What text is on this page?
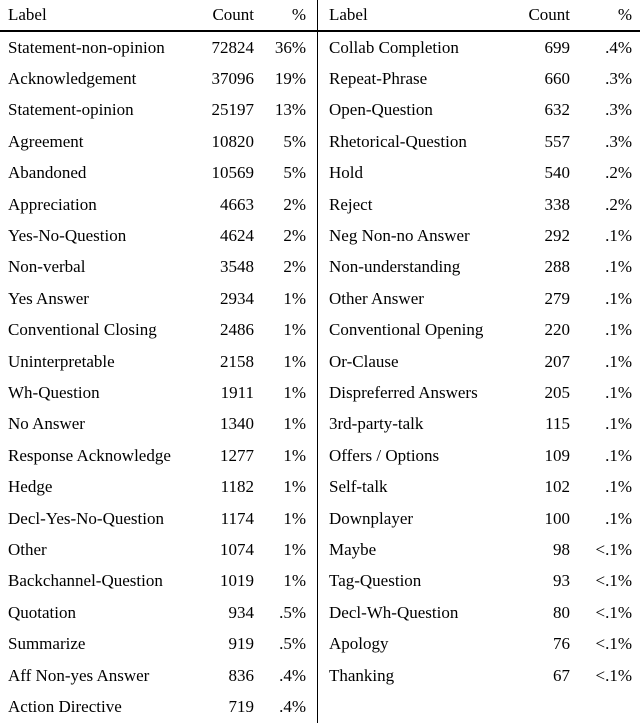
Label	Count	%
Statement-non-opinion	72824	36%
Acknowledgement	37096	19%
Statement-opinion	25197	13%
Agreement	10820	5%
Abandoned	10569	5%
Appreciation	4663	2%
Yes-No-Question	4624	2%
Non-verbal	3548	2%
Yes Answer	2934	1%
Conventional Closing	2486	1%
Uninterpretable	2158	1%
Wh-Question	1911	1%
No Answer	1340	1%
Response Acknowledge	1277	1%
Hedge	1182	1%
Decl-Yes-No-Question	1174	1%
Other	1074	1%
Backchannel-Question	1019	1%
Quotation	934	.5%
Summarize	919	.5%
Aff Non-yes Answer	836	.4%
Action Directive	719	.4%
Label	Count	%
Collab Completion	699	.4%
Repeat-Phrase	660	.3%
Open-Question	632	.3%
Rhetorical-Question	557	.3%
Hold	540	.2%
Reject	338	.2%
Neg Non-no Answer	292	.1%
Non-understanding	288	.1%
Other Answer	279	.1%
Conventional Opening	220	.1%
Or-Clause	207	.1%
Dispreferred Answers	205	.1%
3rd-party-talk	115	.1%
Offers / Options	109	.1%
Self-talk	102	.1%
Downplayer	100	.1%
Maybe	98	<.1%
Tag-Question	93	<.1%
Decl-Wh-Question	80	<.1%
Apology	76	<.1%
Thanking	67	<.1%
